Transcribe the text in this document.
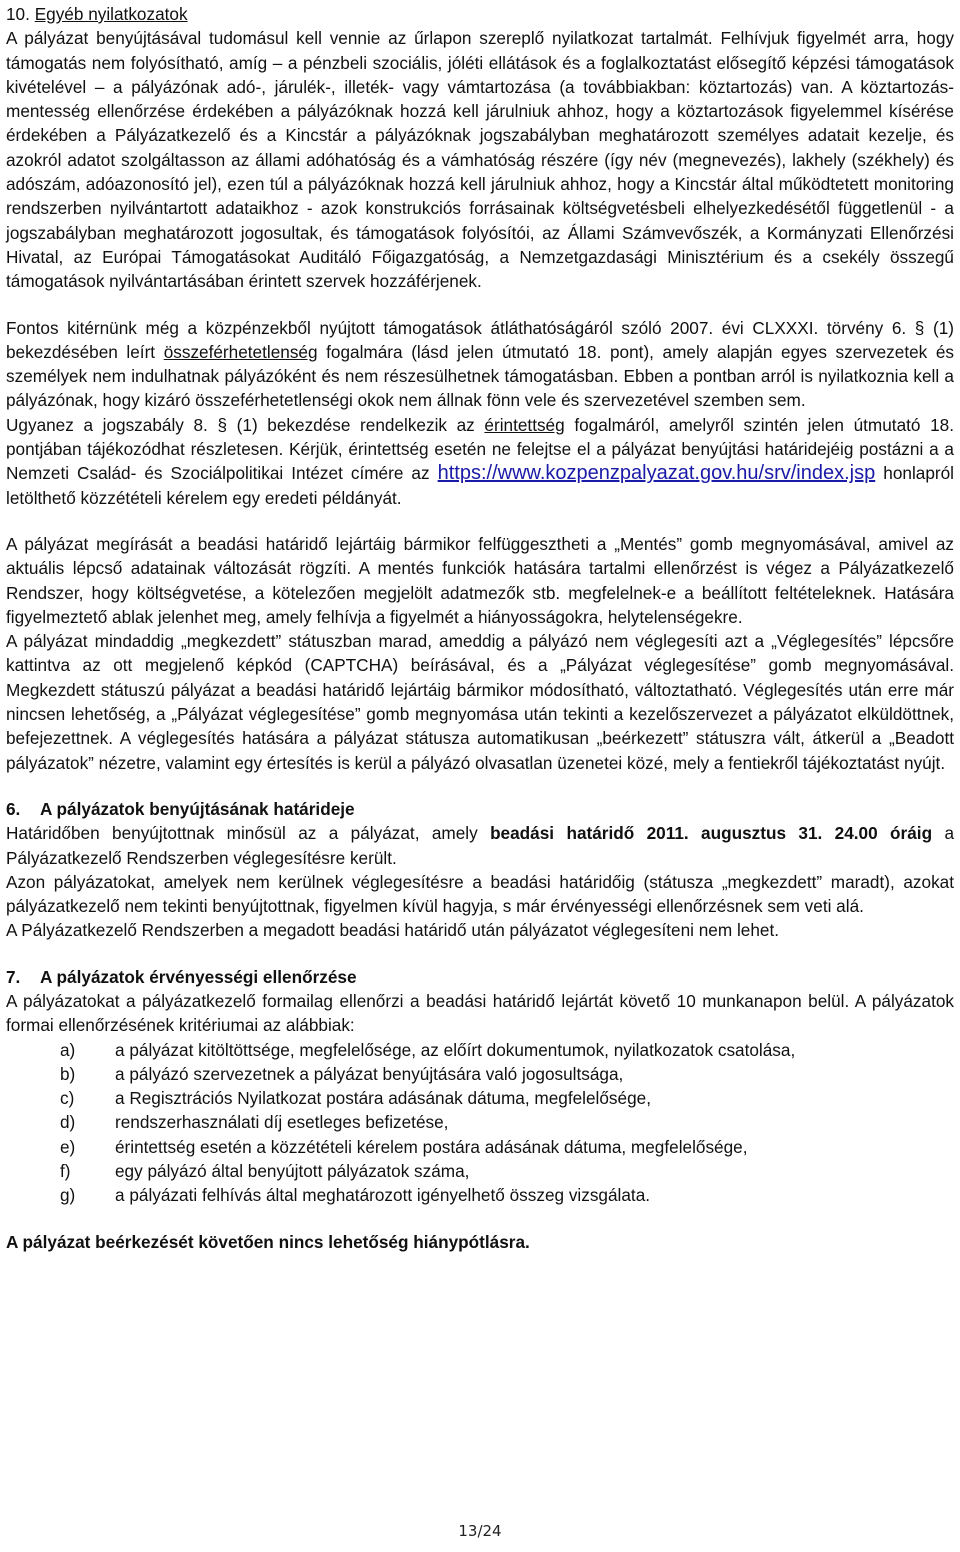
10. Egyéb nyilatkozatok

A pályázat benyújtásával tudomásul kell vennie az űrlapon szereplő nyilatkozat tartalmát. Felhívjuk figyelmét arra, hogy támogatás nem folyósítható, amíg – a pénzbeli szociális, jóléti ellátások és a foglalkoztatást elősegítő képzési támogatások kivételével – a pályázónak adó-, járulék-, illeték- vagy vámtartozása (a továbbiakban: köztartozás) van. A köztartozás-mentesség ellenőrzése érdekében a pályázóknak hozzá kell járulniuk ahhoz, hogy a köztartozások figyelemmel kísérése érdekében a Pályázatkezelő és a Kincstár a pályázóknak jogszabályban meghatározott személyes adatait kezelje, és azokról adatot szolgáltasson az állami adóhatóság és a vámhatóság részére (így név (megnevezés), lakhely (székhely) és adószám, adóazonosító jel), ezen túl a pályázóknak hozzá kell járulniuk ahhoz, hogy a Kincstár által működtetett monitoring rendszerben nyilvántartott adataikhoz - azok konstrukciós forrásainak költségvetésbeli elhelyezkedésétől függetlenül - a jogszabályban meghatározott jogosultak, és támogatások folyósítói, az Állami Számvevőszék, a Kormányzati Ellenőrzési Hivatal, az Európai Támogatásokat Auditáló Főigazgatóság, a Nemzetgazdasági Minisztérium és a csekély összegű támogatások nyilvántartásában érintett szervek hozzáférjenek.

Fontos kitérnünk még a közpénzekből nyújtott támogatások átláthatóságáról szóló 2007. évi CLXXXI. törvény 6. § (1) bekezdésében leírt összeférhetetlenség fogalmára (lásd jelen útmutató 18. pont), amely alapján egyes szervezetek és személyek nem indulhatnak pályázóként és nem részesülhetnek támogatásban. Ebben a pontban arról is nyilatkoznia kell a pályázónak, hogy kizáró összeférhetetlenségi okok nem állnak fönn vele és szervezetével szemben sem.

Ugyanez a jogszabály 8. § (1) bekezdése rendelkezik az érintettség fogalmáról, amelyről szintén jelen útmutató 18. pontjában tájékozódhat részletesen. Kérjük, érintettség esetén ne felejtse el a pályázat benyújtási határidejéig postázni a a Nemzeti Család- és Szociálpolitikai Intézet címére az https://www.kozpenzpalyazat.gov.hu/srv/index.jsp honlapról letölthető közzétételi kérelem egy eredeti példányát.

A pályázat megírását a beadási határidő lejártáig bármikor felfüggesztheti a „Mentés” gomb megnyomásával, amivel az aktuális lépcső adatainak változását rögzíti. A mentés funkciók hatására tartalmi ellenőrzést is végez a Pályázatkezelő Rendszer, hogy költségvetése, a kötelezően megjelölt adatmezők stb. megfelelnek-e a beállított feltételeknek. Hatására figyelmeztető ablak jelenhet meg, amely felhívja a figyelmét a hiányosságokra, helytelenségekre.

A pályázat mindaddig „megkezdett” státuszban marad, ameddig a pályázó nem véglegesíti azt a „Véglegesítés” lépcsőre kattintva az ott megjelenő képkód (CAPTCHA) beírásával, és a „Pályázat véglegesítése” gomb megnyomásával. Megkezdett státuszú pályázat a beadási határidő lejártáig bármikor módosítható, változtatható. Véglegesítés után erre már nincsen lehetőség, a „Pályázat véglegesítése” gomb megnyomása után tekinti a kezelőszervezet a pályázatot elküldöttnek, befejezettnek. A véglegesítés hatására a pályázat státusza automatikusan „beérkezett” státuszra vált, átkerül a „Beadott pályázatok” nézetre, valamint egy értesítés is kerül a pályázó olvasatlan üzenetei közé, mely a fentiekről tájékoztatást nyújt.

6. A pályázatok benyújtásának határideje

Határidőben benyújtottnak minősül az a pályázat, amely beadási határidő 2011. augusztus 31. 24.00 óráig a Pályázatkezelő Rendszerben véglegesítésre került.

Azon pályázatokat, amelyek nem kerülnek véglegesítésre a beadási határidőig (státusza „megkezdett” maradt), azokat pályázatkezelő nem tekinti benyújtottnak, figyelmen kívül hagyja, s már érvényességi ellenőrzésnek sem veti alá.

A Pályázatkezelő Rendszerben a megadott beadási határidő után pályázatot véglegesíteni nem lehet.

7. A pályázatok érvényességi ellenőrzése

A pályázatokat a pályázatkezelő formailag ellenőrzi a beadási határidő lejártát követő 10 munkanapon belül. A pályázatok formai ellenőrzésének kritériumai az alábbiak:

a) a pályázat kitöltöttsége, megfelelősége, az előírt dokumentumok, nyilatkozatok csatolása,
b) a pályázó szervezetnek a pályázat benyújtására való jogosultsága,
c) a Regisztrációs Nyilatkozat postára adásának dátuma, megfelelősége,
d) rendszerhasználati díj esetleges befizetése,
e) érintettség esetén a közzétételi kérelem postára adásának dátuma, megfelelősége,
f)	egy pályázó által benyújtott pályázatok száma,
g) a pályázati felhívás által meghatározott igényelhető összeg vizsgálata.

A pályázat beérkezését követően nincs lehetőség hiánypótlásra.

13/24
